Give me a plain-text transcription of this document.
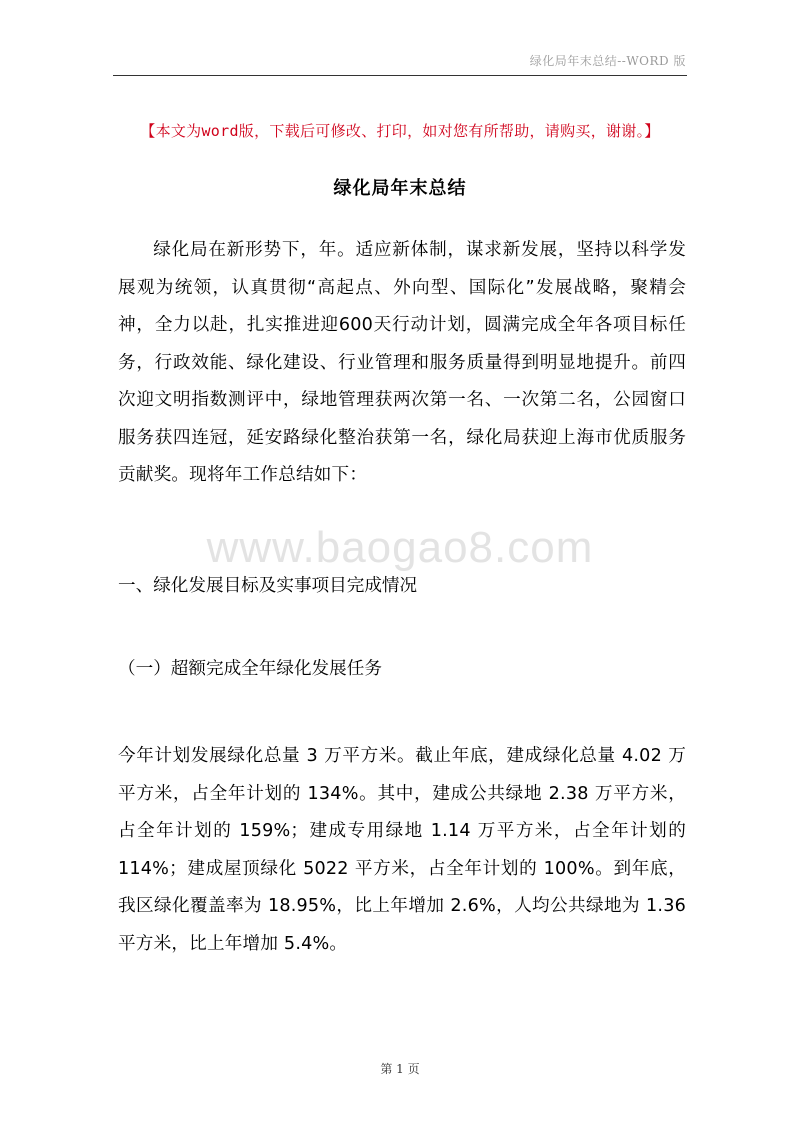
绿化局年末总结--WORD 版
【本文为word版，下载后可修改、打印，如对您有所帮助，请购买，谢谢。】
绿化局年末总结

绿化局在新形势下，年。适应新体制，谋求新发展，坚持以科学发展观为统领，认真贯彻“高起点、外向型、国际化”发展战略，聚精会神，全力以赴，扎实推进迎600天行动计划，圆满完成全年各项目标任务，行政效能、绿化建设、行业管理和服务质量得到明显地提升。前四次迎文明指数测评中，绿地管理获两次第一名、一次第二名，公园窗口服务获四连冠，延安路绿化整治获第一名，绿化局获迎上海市优质服务贡献奖。现将年工作总结如下：

www.baogao8.com
一、绿化发展目标及实事项目完成情况
（一）超额完成全年绿化发展任务

今年计划发展绿化总量 3 万平方米。截止年底，建成绿化总量 4.02 万平方米，占全年计划的 134%。其中，建成公共绿地 2.38 万平方米，占全年计划的 159%；建成专用绿地 1.14 万平方米，占全年计划的 114%；建成屋顶绿化 5022 平方米，占全年计划的 100%。到年底，我区绿化覆盖率为 18.95%，比上年增加 2.6%，人均公共绿地为 1.36 平方米，比上年增加 5.4%。

第 1 页
